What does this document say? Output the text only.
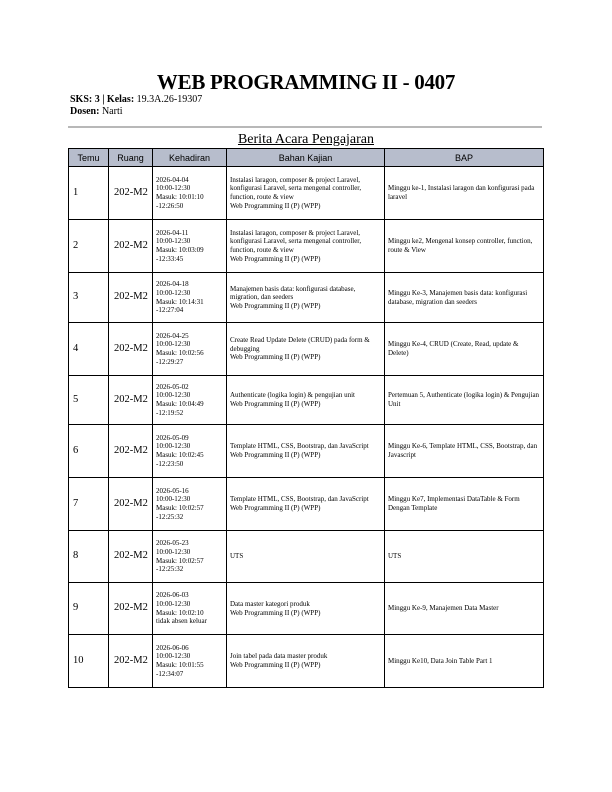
WEB PROGRAMMING II - 0407
SKS: 3 | Kelas: 19.3A.26-19307
Dosen: Narti
Berita Acara Pengajaran
Temu	Ruang	Kehadiran	Bahan Kajian	BAP
1	202-M2	2026-04-04
10:00-12:30
Masuk: 10:01:10
-12:26:50	Instalasi laragon, composer & project Laravel, konfigurasi Laravel, serta mengenal controller, function, route & view
Web Programming II (P) (WPP)	Minggu ke-1, Instalasi laragon dan konfigurasi pada laravel
2	202-M2	2026-04-11
10:00-12:30
Masuk: 10:03:09
-12:33:45	Instalasi laragon, composer & project Laravel, konfigurasi Laravel, serta mengenal controller, function, route & view
Web Programming II (P) (WPP)	Minggu ke2, Mengenal konsep controller, function, route & View
3	202-M2	2026-04-18
10:00-12:30
Masuk: 10:14:31
-12:27:04	Manajemen basis data: konfigurasi database, migration, dan seeders
Web Programming II (P) (WPP)	Minggu Ke-3, Manajemen basis data: konfigurasi database, migration dan seeders
4	202-M2	2026-04-25
10:00-12:30
Masuk: 10:02:56
-12:29:27	Create Read Update Delete (CRUD) pada form & debugging
Web Programming II (P) (WPP)	Minggu Ke-4, CRUD (Create, Read, update & Delete)
5	202-M2	2026-05-02
10:00-12:30
Masuk: 10:04:49
-12:19:52	Authenticate (logika login) & pengujian unit
Web Programming II (P) (WPP)	Pertemuan 5, Authenticate (logika login) & Pengujian Unit
6	202-M2	2026-05-09
10:00-12:30
Masuk: 10:02:45
-12:23:50	Template HTML, CSS, Bootstrap, dan JavaScript
Web Programming II (P) (WPP)	Minggu Ke-6, Template HTML, CSS, Bootstrap, dan Javascript
7	202-M2	2026-05-16
10:00-12:30
Masuk: 10:02:57
-12:25:32	Template HTML, CSS, Bootstrap, dan JavaScript
Web Programming II (P) (WPP)	Minggu Ke7, Implementasi DataTable & Form Dengan Template
8	202-M2	2026-05-23
10:00-12:30
Masuk: 10:02:57
-12:25:32	UTS	UTS
9	202-M2	2026-06-03
10:00-12:30
Masuk: 10:02:10
tidak absen keluar	Data master kategori produk
Web Programming II (P) (WPP)	Minggu Ke-9, Manajemen Data Master
10	202-M2	2026-06-06
10:00-12:30
Masuk: 10:01:55
-12:34:07	Join tabel pada data master produk
Web Programming II (P) (WPP)	Minggu Ke10, Data Join Table Part 1
